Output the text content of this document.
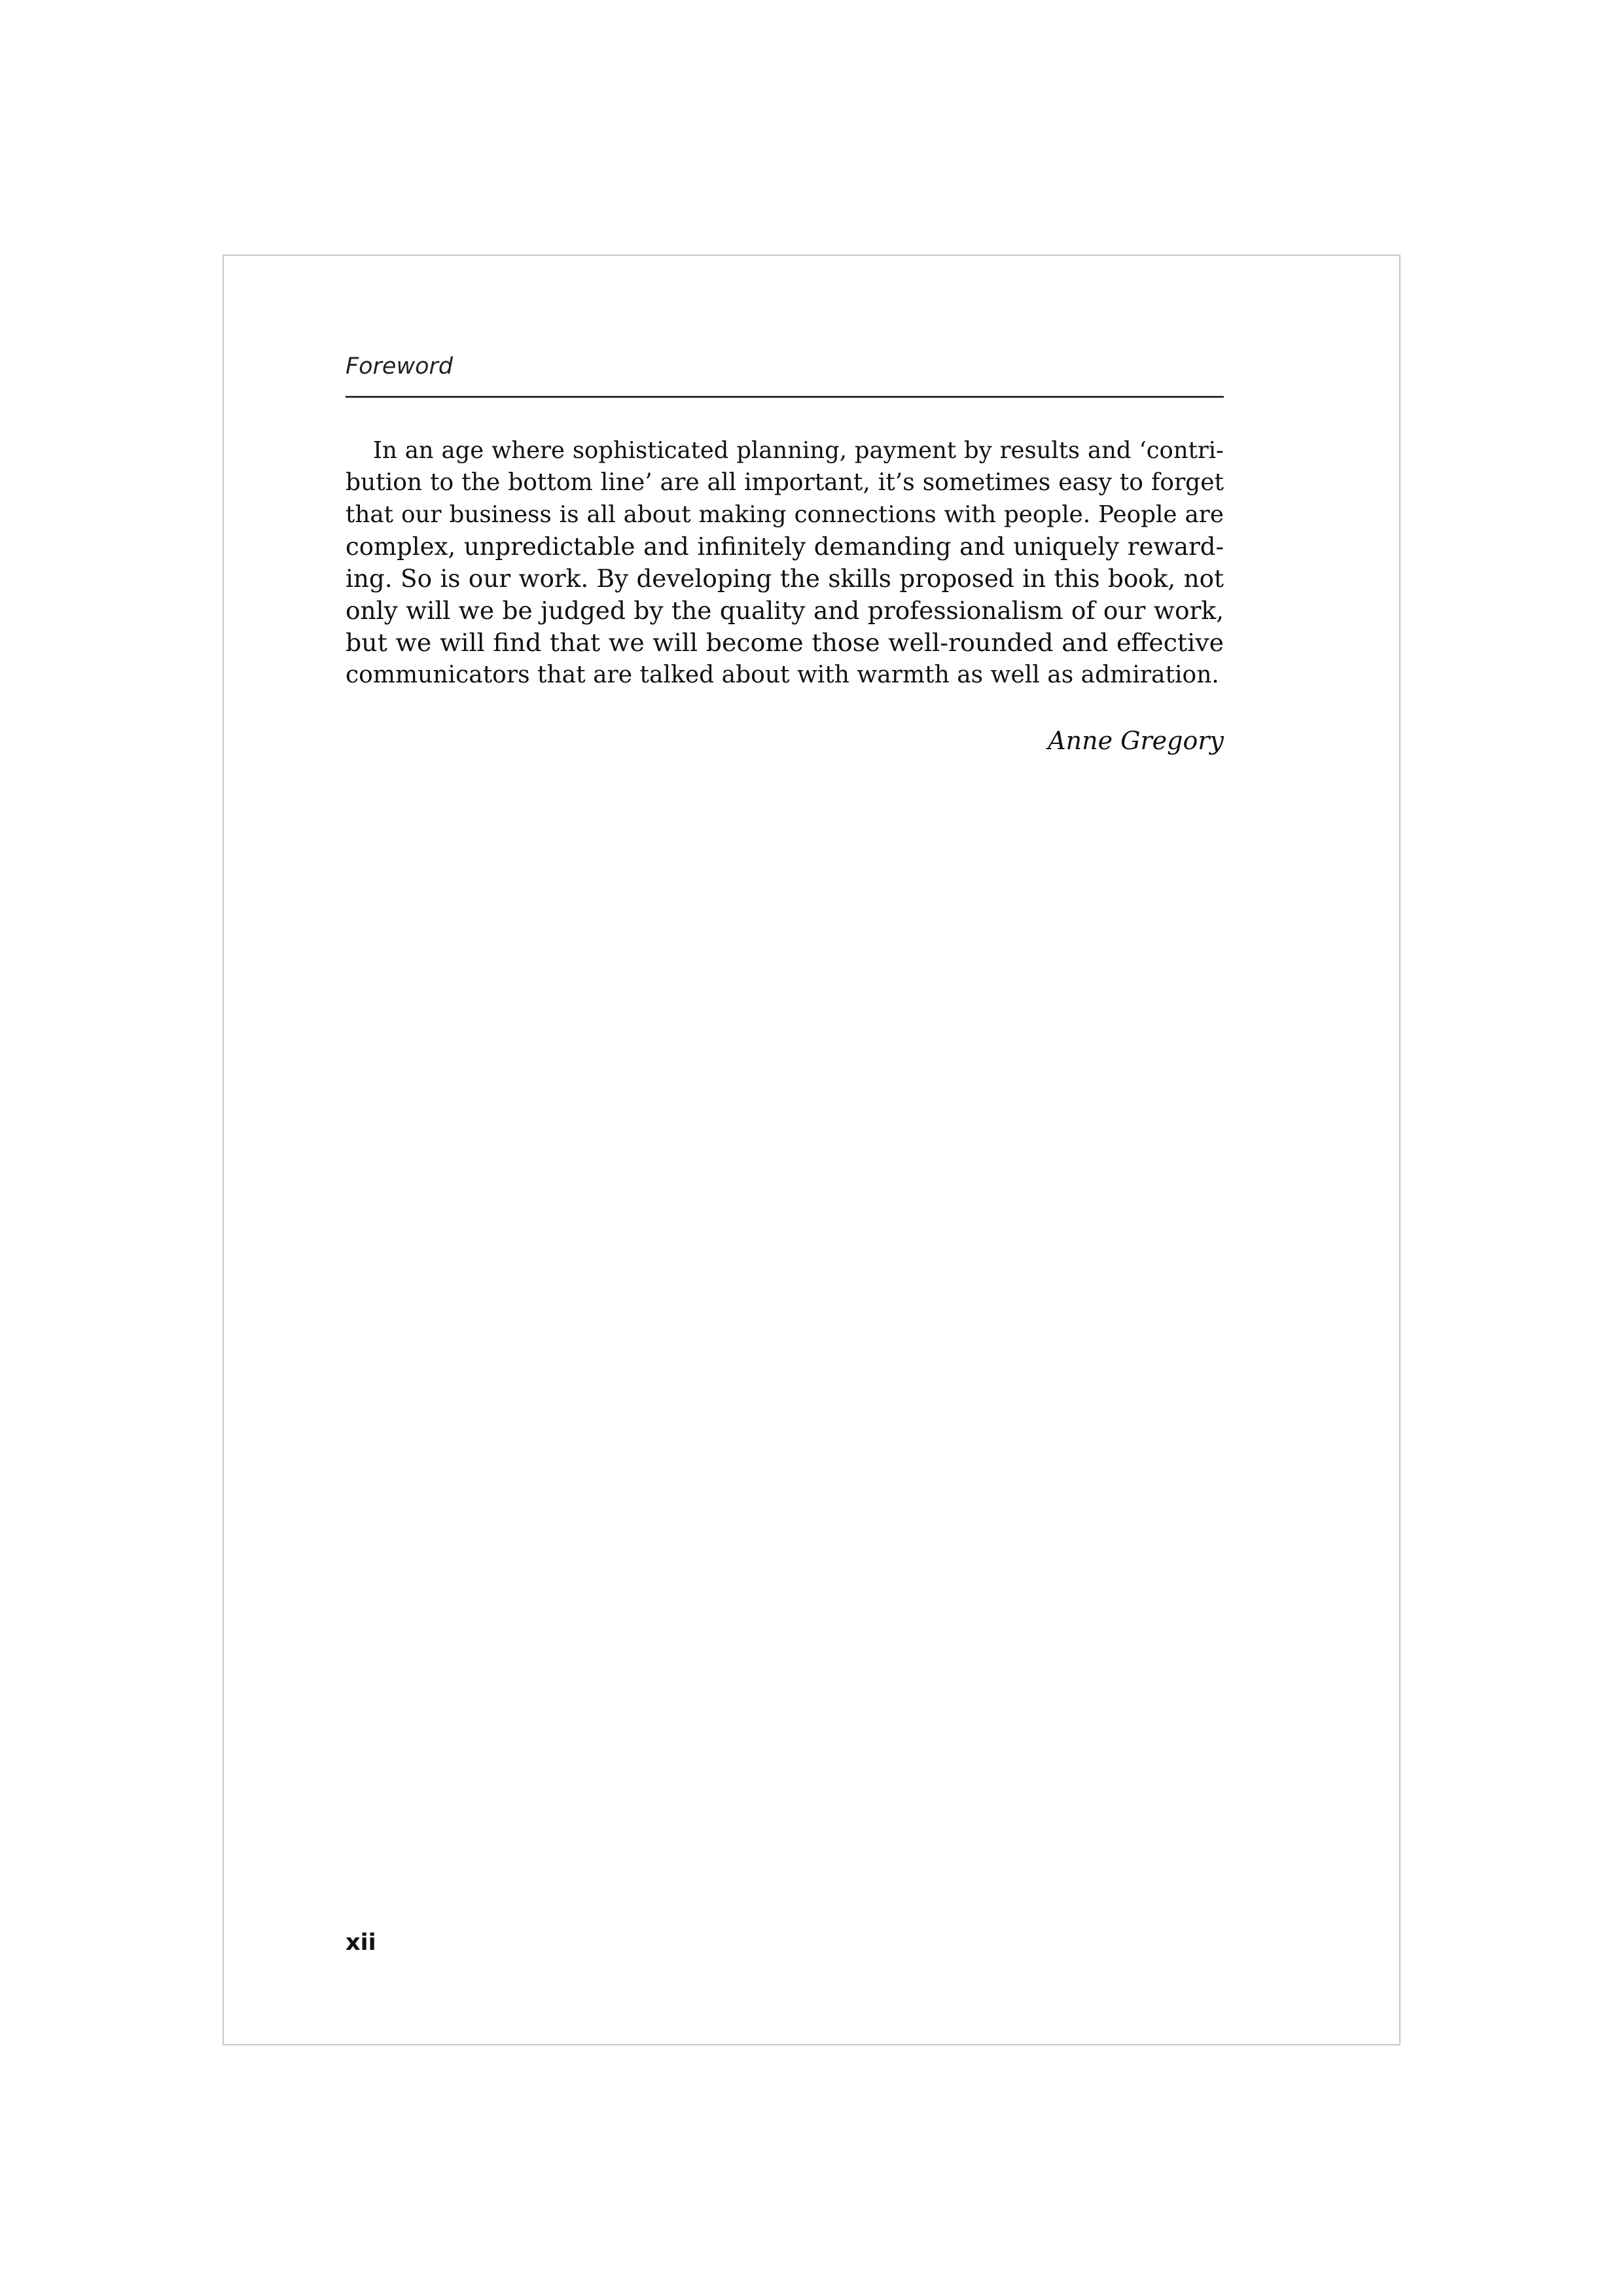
Foreword
In an age where sophisticated planning, payment by results and ‘contri-
bution to the bottom line’ are all important, it’s sometimes easy to forget
that our business is all about making connections with people. People are
complex, unpredictable and infinitely demanding and uniquely reward-
ing. So is our work. By developing the skills proposed in this book, not
only will we be judged by the quality and professionalism of our work,
but we will find that we will become those well-rounded and effective
communicators that are talked about with warmth as well as admiration.
Anne Gregory
xii
